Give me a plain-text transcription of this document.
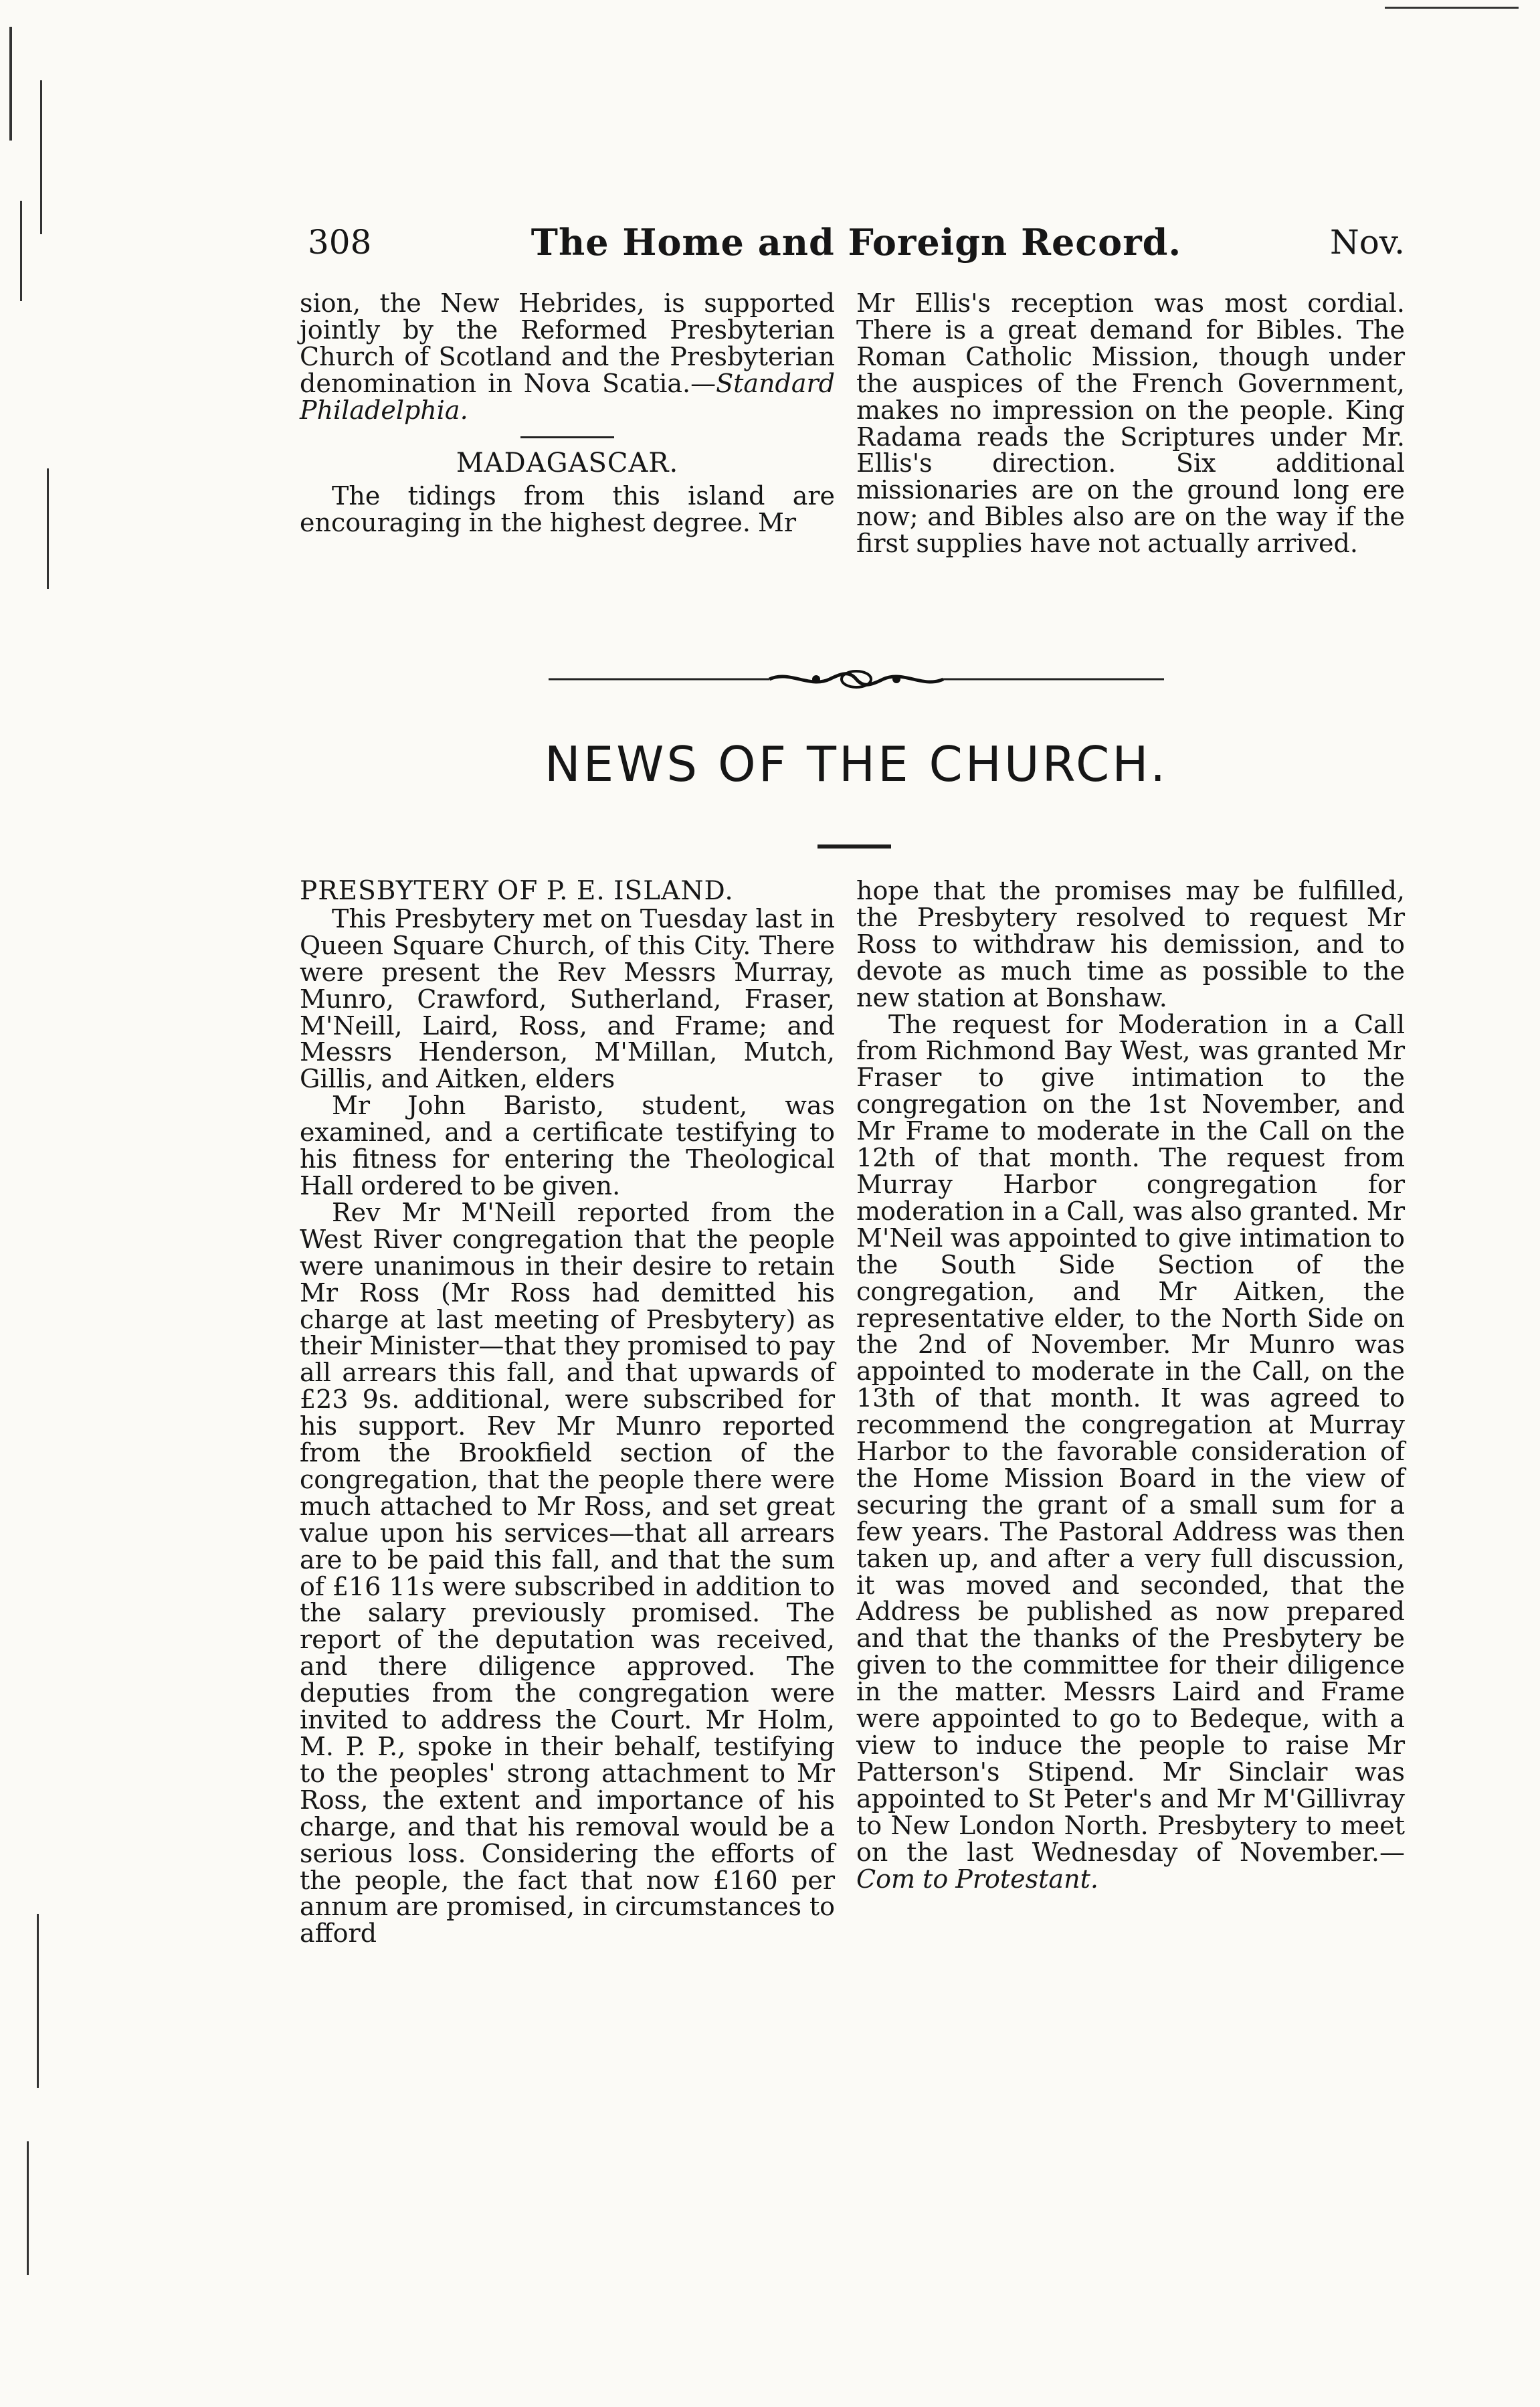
308	The Home and Foreign Record.	Nov.

sion, the New Hebrides, is supported jointly by the Reformed Presbyterian Church of Scotland and the Presbyterian denomination in Nova Scatia.—Standard Philadelphia.

MADAGASCAR.

The tidings from this island are encouraging in the highest degree. Mr

Mr Ellis's reception was most cordial. There is a great demand for Bibles. The Roman Catholic Mission, though under the auspices of the French Government, makes no impression on the people. King Radama reads the Scriptures under Mr. Ellis's direction. Six additional missionaries are on the ground long ere now; and Bibles also are on the way if the first supplies have not actually arrived.

NEWS OF THE CHURCH.

PRESBYTERY OF P. E. ISLAND.

This Presbytery met on Tuesday last in Queen Square Church, of this City. There were present the Rev Messrs Murray, Munro, Crawford, Sutherland, Fraser, M'Neill, Laird, Ross, and Frame; and Messrs Henderson, M'Millan, Mutch, Gillis, and Aitken, elders

Mr John Baristo, student, was examined, and a certificate testifying to his fitness for entering the Theological Hall ordered to be given.

Rev Mr M'Neill reported from the West River congregation that the people were unanimous in their desire to retain Mr Ross (Mr Ross had demitted his charge at last meeting of Presbytery) as their Minister—that they promised to pay all arrears this fall, and that upwards of £23 9s. additional, were subscribed for his support. Rev Mr Munro reported from the Brookfield section of the congregation, that the people there were much attached to Mr Ross, and set great value upon his services—that all arrears are to be paid this fall, and that the sum of £16 11s were subscribed in addition to the salary previously promised. The report of the deputation was received, and there diligence approved. The deputies from the congregation were invited to address the Court. Mr Holm, M. P. P., spoke in their behalf, testifying to the peoples' strong attachment to Mr Ross, the extent and importance of his charge, and that his removal would be a serious loss. Considering the efforts of the people, the fact that now £160 per annum are promised, in circumstances to afford

hope that the promises may be fulfilled, the Presbytery resolved to request Mr Ross to withdraw his demission, and to devote as much time as possible to the new station at Bonshaw.

The request for Moderation in a Call from Richmond Bay West, was granted Mr Fraser to give intimation to the congregation on the 1st November, and Mr Frame to moderate in the Call on the 12th of that month. The request from Murray Harbor congregation for moderation in a Call, was also granted. Mr M'Neil was appointed to give intimation to the South Side Section of the congregation, and Mr Aitken, the representative elder, to the North Side on the 2nd of November. Mr Munro was appointed to moderate in the Call, on the 13th of that month. It was agreed to recommend the congregation at Murray Harbor to the favorable consideration of the Home Mission Board in the view of securing the grant of a small sum for a few years. The Pastoral Address was then taken up, and after a very full discussion, it was moved and seconded, that the Address be published as now prepared and that the thanks of the Presbytery be given to the committee for their diligence in the matter. Messrs Laird and Frame were appointed to go to Bedeque, with a view to induce the people to raise Mr Patterson's Stipend. Mr Sinclair was appointed to St Peter's and Mr M'Gillivray to New London North. Presbytery to meet on the last Wednesday of November.—Com to Protestant.
